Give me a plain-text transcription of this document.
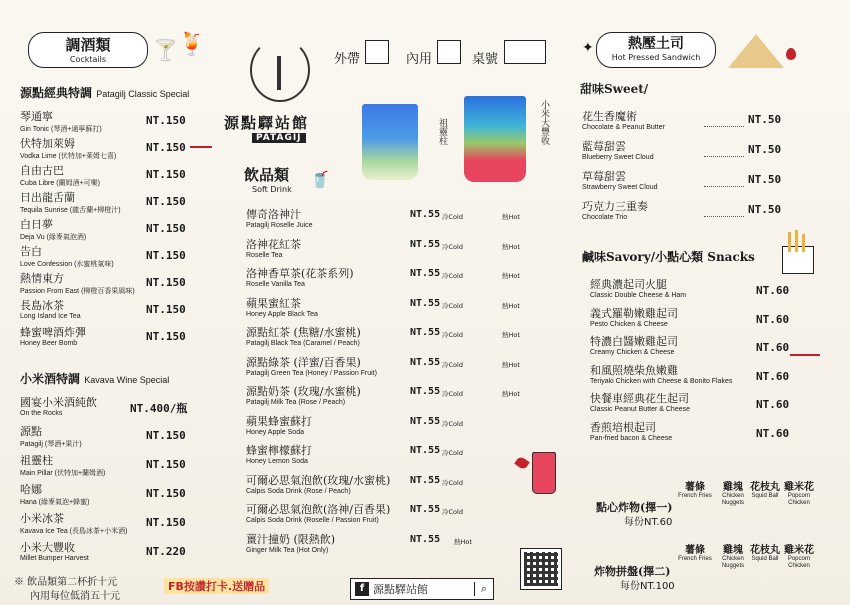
調酒類
Cocktails	🍸 🍹
源點經典特調 Patagilj Classic Special
琴通寧
Gin Tonic (琴酒+通寧蘇打)
NT.150
伏特加萊姆
Vodka Lime (伏特加+萊姆七喜)
NT.150
自由古巴
Cuba Libre (蘭姆酒+可樂)
NT.150
日出龍舌蘭
Tequila Sunrise (龍舌蘭+柳橙汁)
NT.150
白日夢
Deja Vu (綠麥氣泡酒)
NT.150
告白
Love Confession (水蜜桃氣味)
NT.150
熱情東方
Passion From East (柳橙百香果風味)
NT.150
長島冰茶
Long Island Ice Tea
NT.150
蜂蜜啤酒炸彈
Honey Beer Bomb
NT.150
小米酒特調 Kavava Wine Special
國宴小米酒純飲
On the Rocks	NT.400/瓶
源點
Patagilj (琴酒+果汁)
NT.150
祖靈柱
Main Pillar (伏特加+蘭姆酒)
NT.150
哈娜
Hana (綠麥氣泡+蜂蜜)
NT.150
小米冰茶
Kavava Ice Tea (長島冰茶+小米酒)
NT.150
小米大豐收
Millet Bumper Harvest
NT.220
※ 飲品類第二杯折十元
內用每位低消五十元
源點驛站館
PATAGIJ
外帶	內用	桌號
祖靈柱	小米大豐收
飲品類
Soft Drink
🥤
傳奇洛神汁
Patagilj Roselle Juice
NT.55 冷Cold	熱Hot
洛神花紅茶
Roselle Tea
NT.55 冷Cold	熱Hot
洛神香草茶(花茶系列)
Roselle Vanilla Tea
NT.55 冷Cold	熱Hot
蘋果蜜紅茶
Honey Apple Black Tea
NT.55 冷Cold	熱Hot
源點紅茶 (焦糖/水蜜桃)
Patagilj Black Tea (Caramel / Peach)
NT.55 冷Cold	熱Hot
源點綠茶 (洋蜜/百香果)
Patagilj Green Tea (Honey / Passion Fruit)
NT.55 冷Cold	熱Hot
源點奶茶 (玫瑰/水蜜桃)
Patagilj Milk Tea (Rose / Peach)
NT.55 冷Cold	熱Hot
蘋果蜂蜜蘇打
Honey Apple Soda
NT.55 冷Cold
蜂蜜檸檬蘇打
Honey Lemon Soda
NT.55 冷Cold
可爾必思氣泡飲(玫瑰/水蜜桃)
Calpis Soda Drink (Rose / Peach)
NT.55 冷Cold
可爾必思氣泡飲(洛神/百香果)
Calpis Soda Drink (Roselle / Passion Fruit)
NT.55 冷Cold
薑汁撞奶 (限熱飲)
Ginger Milk Tea (Hot Only)
NT.55 熱Hot
FB按讚打卡.送贈品	f 源點驛站館	⌕
✦	熱壓土司
Hot Pressed Sandwich
甜味Sweet/
花生香魔術
Chocolate & Peanut Butter
NT.50
藍莓甜雲
Blueberry Sweet Cloud
NT.50
草莓甜雲
Strawberry Sweet Cloud
NT.50
巧克力三重奏
Chocolate Trio
NT.50
鹹味Savory/小點心類 Snacks
經典濃起司火腿
Classic Double Cheese & Ham	NT.60
義式羅勒嫩雞起司
Pesto Chicken & Cheese	NT.60
特濃白醬嫩雞起司
Creamy Chicken & Cheese	NT.60
和風照燒柴魚嫩雞
Teriyaki Chicken with Cheese & Bonito Flakes NT.60
快餐車經典花生起司
Classic Peanut Butter & Cheese	NT.60
香煎培根起司
Pan-fried bacon & Cheese	NT.60
薯條
French Fries
雞塊
Chicken Nuggets
花枝丸
Squid Ball
雞米花
Popcorn Chicken
點心炸物(擇一)
每份NT.60
薯條
French Fries
雞塊
Chicken Nuggets
花枝丸
Squid Ball
雞米花
Popcorn Chicken
炸物拼盤(擇二)
每份NT.100
